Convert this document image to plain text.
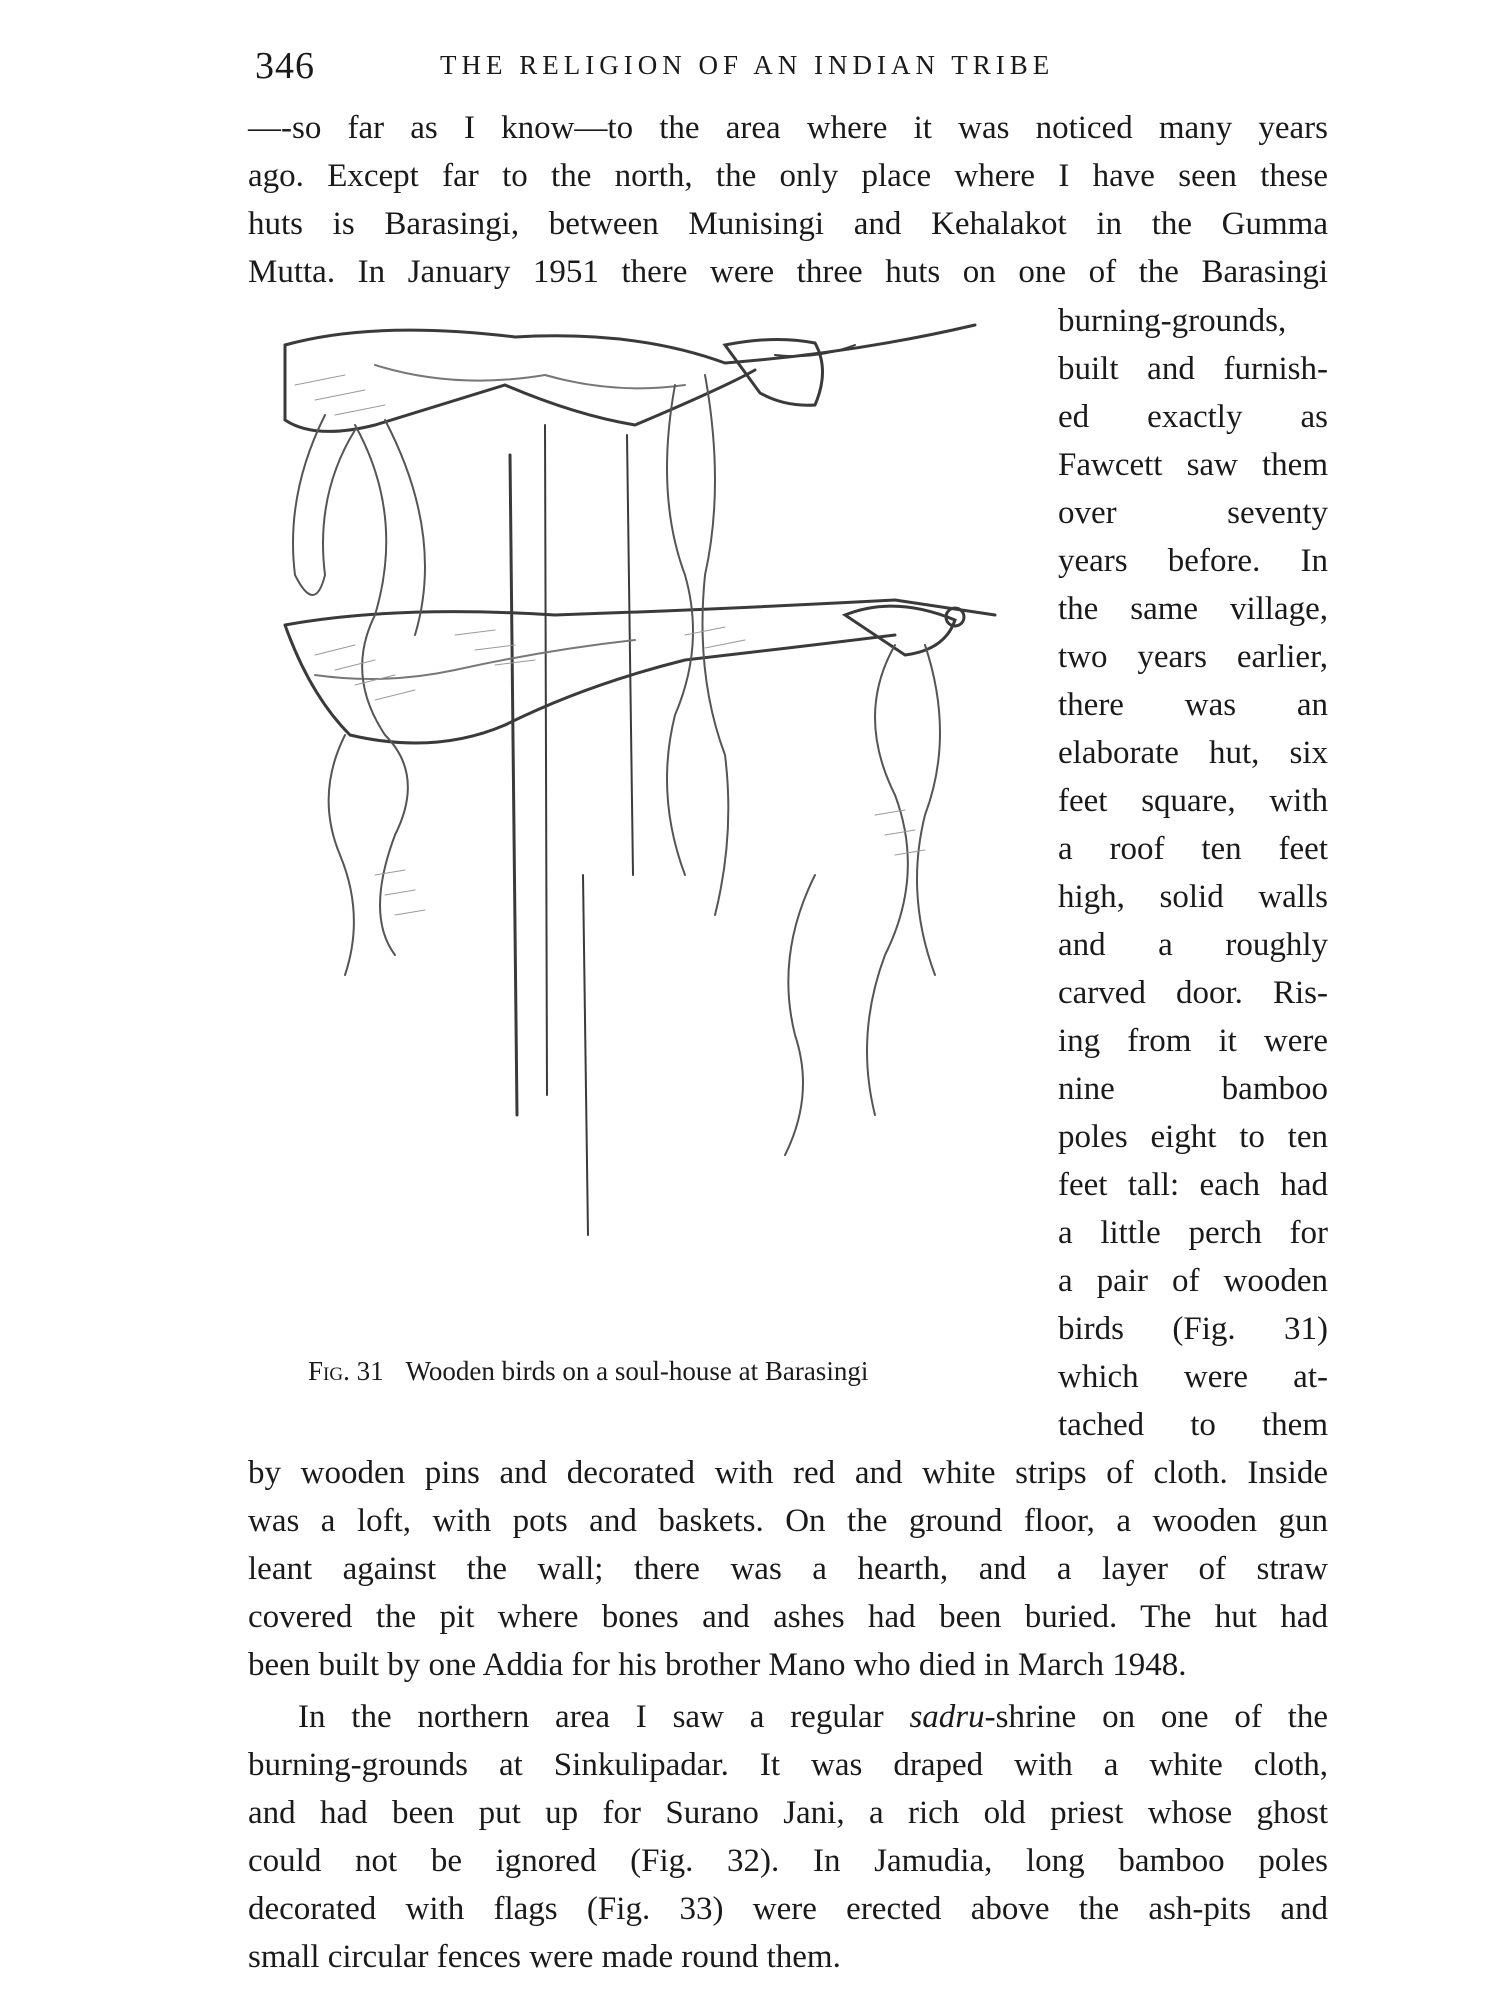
346	THE RELIGION OF AN INDIAN TRIBE
—-so far as I know—to the area where it was noticed many years
ago. Except far to the north, the only place where I have seen these
huts is Barasingi, between Munisingi and Kehalakot in the Gumma
Mutta. In January 1951 there were three huts on one of the Barasingi
burning-grounds,
built and furnish-
ed exactly as
Fawcett saw them
over seventy
years before. In
the same village,
two years earlier,
there was an
elaborate hut, six
feet square, with
a roof ten feet
high, solid walls
and a roughly
carved door. Ris-
ing from it were
nine bamboo
poles eight to ten
feet tall: each had
a little perch for
a pair of wooden
birds (Fig. 31)
which were at-
tached to them
Fig. 31 Wooden birds on a soul-house at Barasingi
by wooden pins and decorated with red and white strips of cloth. Inside
was a loft, with pots and baskets. On the ground floor, a wooden gun
leant against the wall; there was a hearth, and a layer of straw
covered the pit where bones and ashes had been buried. The hut had
been built by one Addia for his brother Mano who died in March 1948.
In the northern area I saw a regular sadru-shrine on one of the
burning-grounds at Sinkulipadar. It was draped with a white cloth,
and had been put up for Surano Jani, a rich old priest whose ghost
could not be ignored (Fig. 32). In Jamudia, long bamboo poles
decorated with flags (Fig. 33) were erected above the ash-pits and
small circular fences were made round them.
